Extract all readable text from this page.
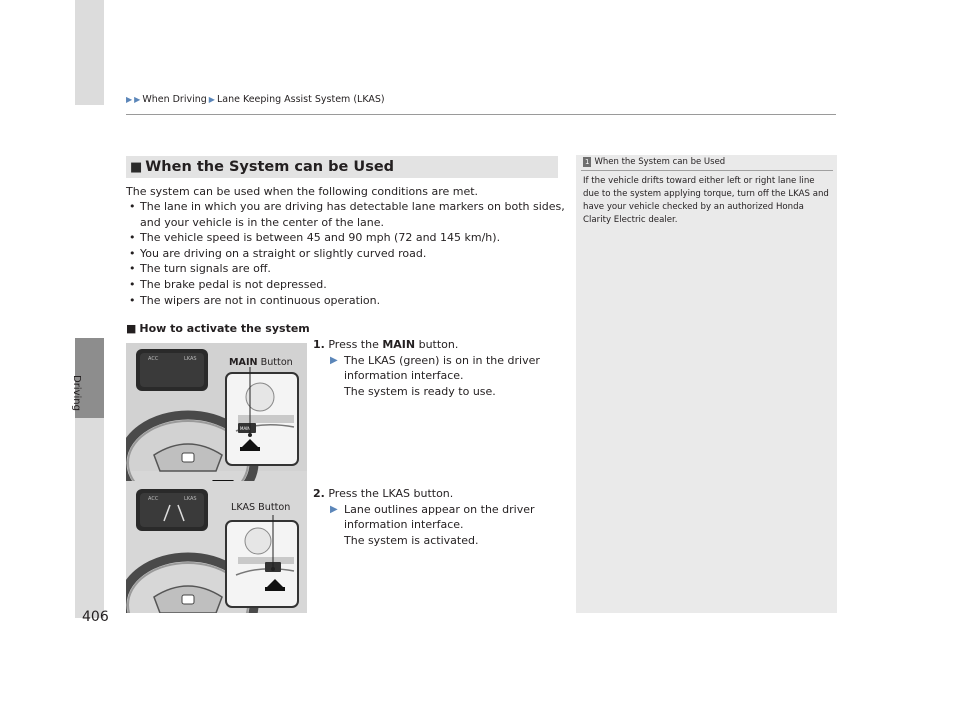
▶ ▶ When Driving ▶ Lane Keeping Assist System (LKAS)
Driving
406
■ When the System can be Used
The system can be used when the following conditions are met.
• The lane in which you are driving has detectable lane markers on both sides, and your vehicle is in the center of the lane.
• The vehicle speed is between 45 and 90 mph (72 and 145 km/h).
• You are driving on a straight or slightly curved road.
• The turn signals are off.
• The brake pedal is not depressed.
• The wipers are not in continuous operation.
■ How to activate the system
1. Press the MAIN button.
▶ The LKAS (green) is on in the driver
information interface.
The system is ready to use.
2. Press the LKAS button.
▶ Lane outlines appear on the driver
information interface.
The system is activated.
1 When the System can be Used
If the vehicle drifts toward either left or right lane line due to the system applying torque, turn off the LKAS and have your vehicle checked by an authorized Honda Clarity Electric dealer.
ACC	LKAS
MAIN
ACC	LKAS
MAIN Button
LKAS Button
